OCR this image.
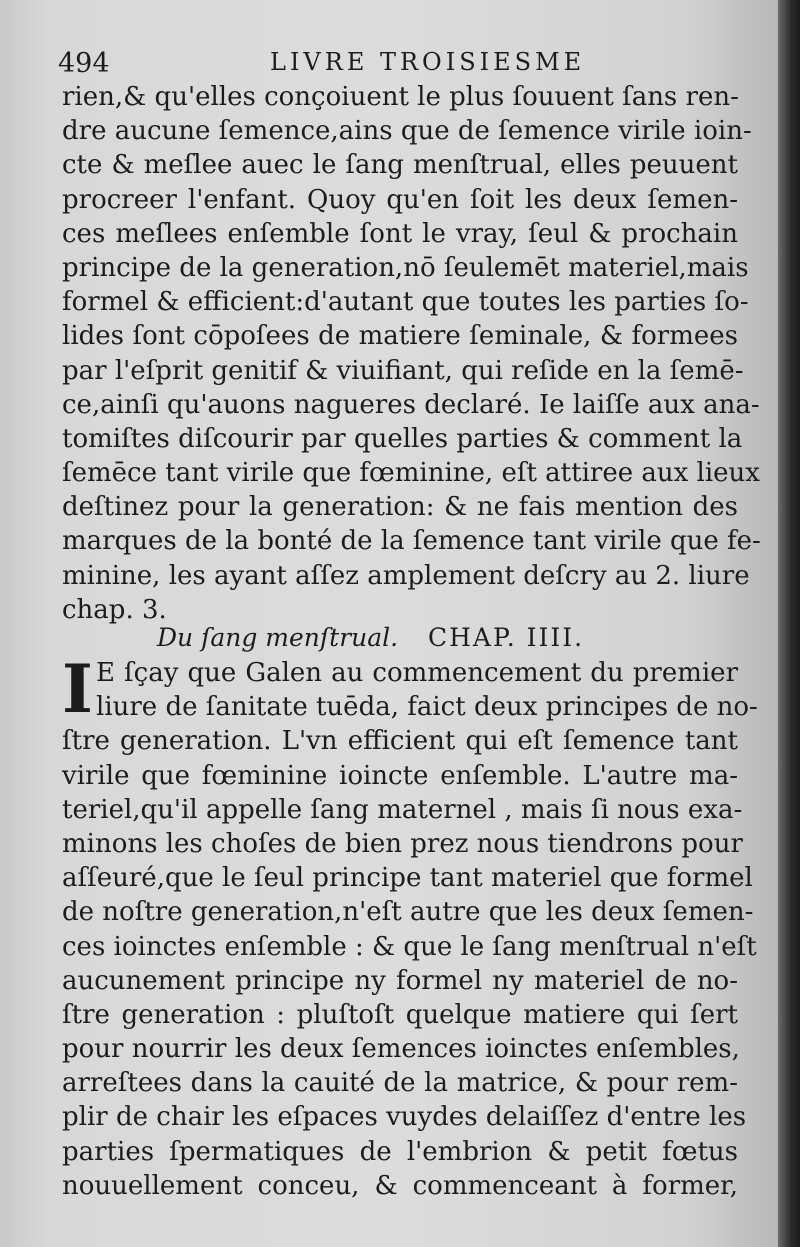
494	LIVRE TROISIESME
rien,& qu'elles conçoiuent le plus ſouuent ſans ren-
dre aucune ſemence,ains que de ſemence virile ioin-
cte & meſlee auec le ſang menſtrual, elles peuuent
procreer l'enfant. Quoy qu'en ſoit les deux ſemen-
ces meſlees enſemble ſont le vray, ſeul & prochain
principe de la generation,nō ſeulemēt materiel,mais
formel & efficient:d'autant que toutes les parties ſo-
lides ſont cōpoſees de matiere ſeminale, & formees
par l'eſprit genitif & viuifiant, qui reſide en la ſemē-
ce,ainſi qu'auons nagueres declaré. Ie laiſſe aux ana-
tomiſtes diſcourir par quelles parties & comment la
ſemēce tant virile que fœminine, eſt attiree aux lieux
deſtinez pour la generation: & ne fais mention des
marques de la bonté de la ſemence tant virile que fe-
minine, les ayant aſſez amplement deſcry au 2. liure
chap. 3.
Du ſang menſtrual. CHAP. IIII.
I E ſçay que Galen au commencement du premier
liure de ſanitate tuēda, faict deux principes de no-
ſtre generation. L'vn efficient qui eſt ſemence tant
virile que fœminine ioincte enſemble. L'autre ma-
teriel,qu'il appelle ſang maternel , mais ſi nous exa-
minons les choſes de bien prez nous tiendrons pour
aſſeuré,que le ſeul principe tant materiel que formel
de noſtre generation,n'eſt autre que les deux ſemen-
ces ioinctes enſemble : & que le ſang menſtrual n'eſt
aucunement principe ny formel ny materiel de no-
ſtre generation : pluſtoſt quelque matiere qui ſert
pour nourrir les deux ſemences ioinctes enſembles,
arreſtees dans la cauité de la matrice, & pour rem-
plir de chair les eſpaces vuydes delaiſſez d'entre les
parties ſpermatiques de l'embrion & petit fœtus
nouuellement conceu, & commenceant à former,
